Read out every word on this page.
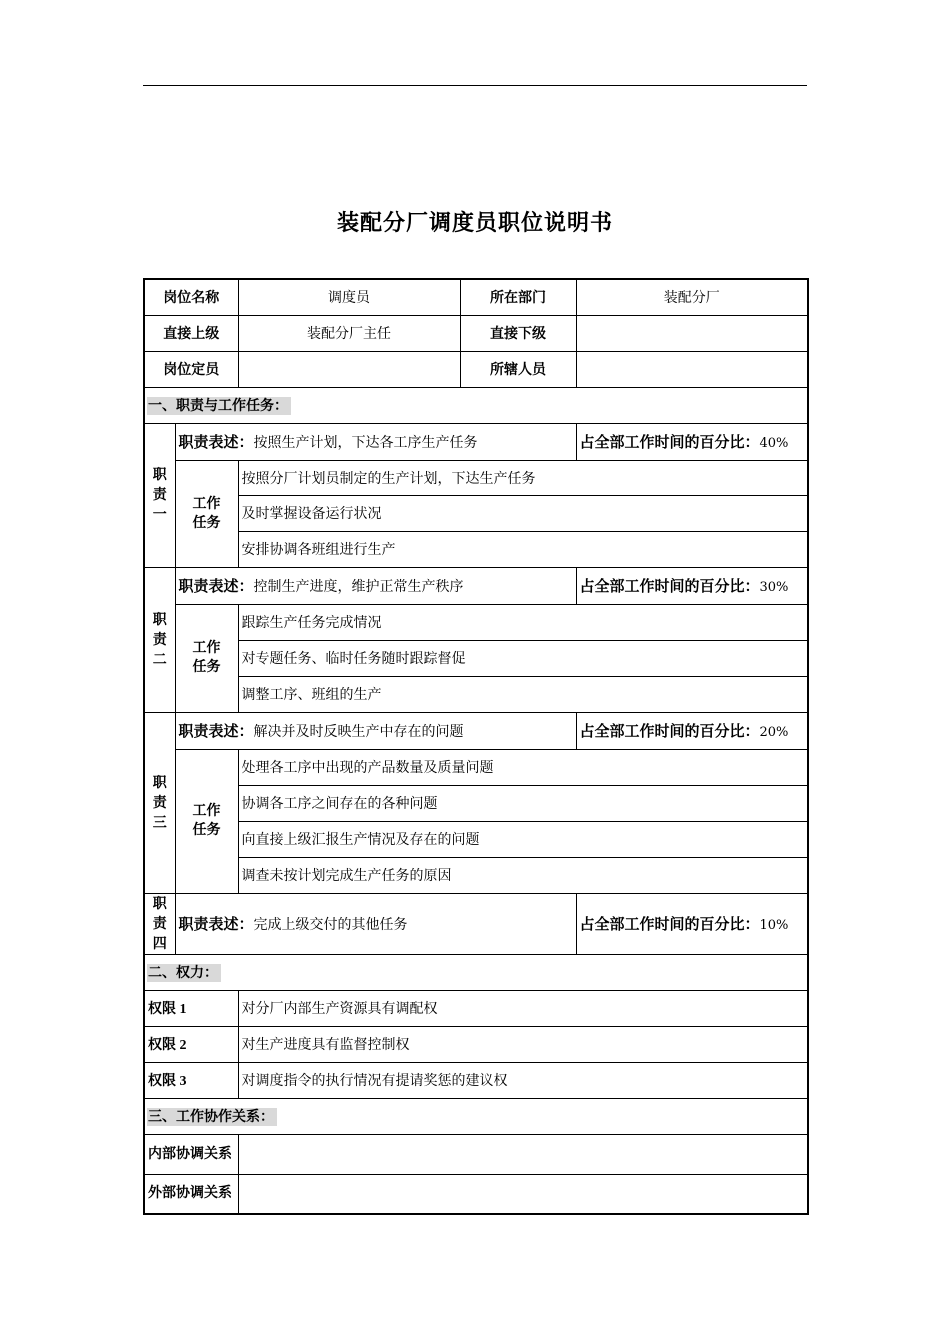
装配分厂调度员职位说明书
岗位名称		调度员	所在部门	装配分厂
直接上级		装配分厂主任	直接下级	
岗位定员			所辖人员	
一、职责与工作任务：				

职
责
一	职责表述：按照生产计划，下达各工序生产任务			占全部工作时间的百分比：40%

	工作
任务	按照分厂计划员制定的生产计划，下达生产任务		
		及时掌握设备运行状况		
		安排协调各班组进行生产		

职
责
二	职责表述：控制生产进度，维护正常生产秩序			占全部工作时间的百分比：30%

	工作
任务	跟踪生产任务完成情况		
		对专题任务、临时任务随时跟踪督促		
		调整工序、班组的生产		

职
责
三	职责表述：解决并及时反映生产中存在的问题			占全部工作时间的百分比：20%

	工作
任务	处理各工序中出现的产品数量及质量问题		
		协调各工序之间存在的各种问题		
		向直接上级汇报生产情况及存在的问题		
		调查未按计划完成生产任务的原因		

职
责
四	职责表述：完成上级交付的其他任务			占全部工作时间的百分比：10%
二、权力：				
权限 1		对分厂内部生产资源具有调配权		
权限 2		对生产进度具有监督控制权		
权限 3		对调度指令的执行情况有提请奖惩的建议权		
三、工作协作关系：				
内部协调关系				
外部协调关系				
